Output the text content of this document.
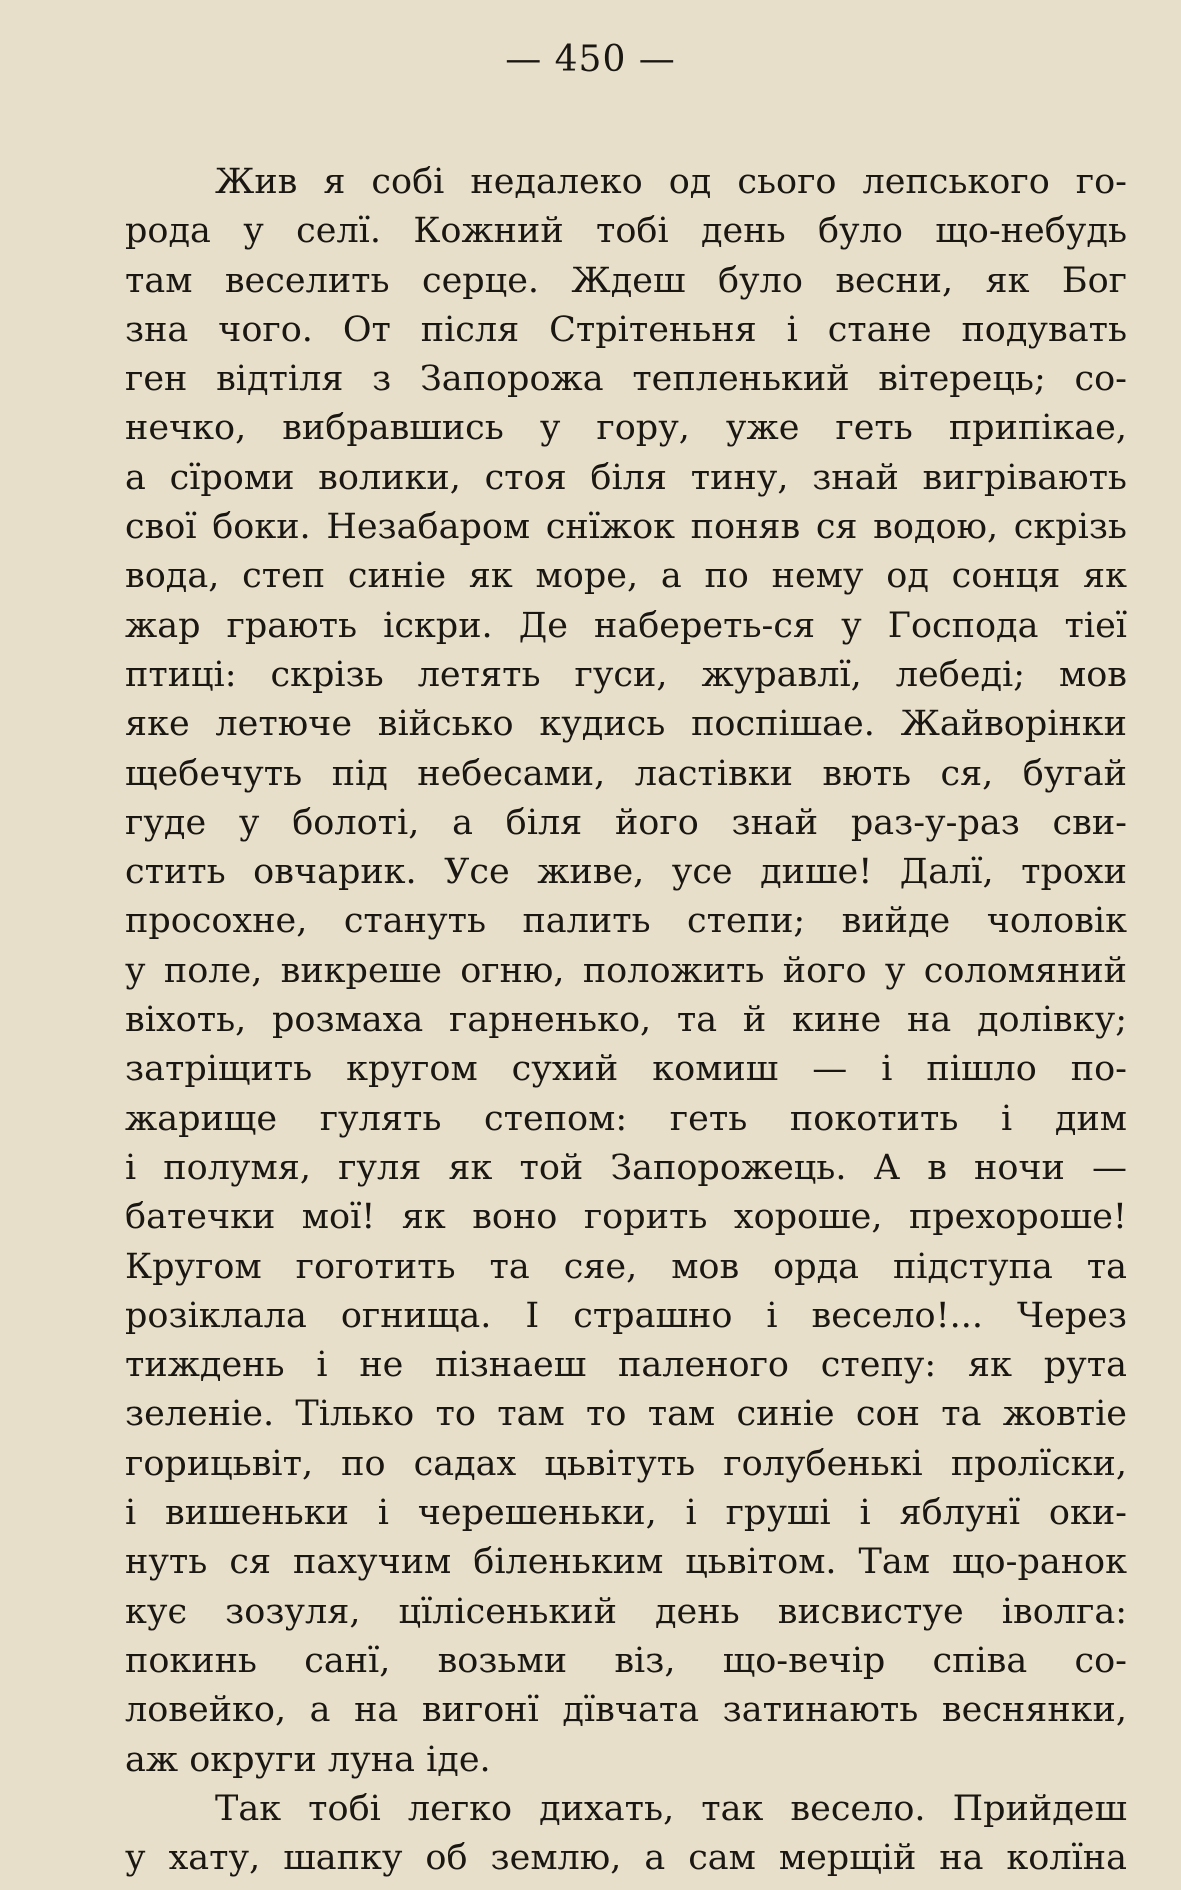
— 450 —
Жив я собі недалеко од сього лепського го-
рода у селї. Кожний тобі день було що-небудь
там веселить серце. Ждеш було весни, як Бог
зна чого. От після Стрітеньня і стане подувать
ген відтіля з Запорожа тепленький вітерець; со-
нечко, вибравшись у гору, уже геть припікае,
а сїроми волики, стоя біля тину, знай вигрівають
свої боки. Незабаром снїжок поняв ся водою, скрізь
вода, степ синіе як море, а по нему од сонця як
жар грають іскри. Де набереть-ся у Господа тіеї
птиці: скрізь летять гуси, журавлї, лебеді; мов
яке летюче військо кудись поспішае. Жайворінки
щебечуть під небесами, ластівки вють ся, бугай
гуде у болоті, а біля його знай раз-у-раз сви-
стить овчарик. Усе живе, усе дише! Далї, трохи
просохне, стануть палить степи; вийде чоловік
у поле, викреше огню, положить його у соломяний
віхоть, розмаха гарненько, та й кине на долівку;
затріщить кругом сухий комиш — і пішло по-
жарище гулять степом: геть покотить і дим
і полумя, гуля як той Запорожець. А в ночи —
батечки мої! як воно горить хороше, прехороше!
Кругом гоготить та сяе, мов орда підступа та
розіклала огнища. І страшно і весело!... Через
тиждень і не пізнаеш паленого степу: як рута
зеленіе. Тілько то там то там синіе сон та жовтіе
горицьвіт, по садах цьвітуть голубенькі пролїски,
і вишеньки і черешеньки, і груші і яблунї оки-
нуть ся пахучим біленьким цьвітом. Там що-ранок
кує зозуля, цїлісенький день висвистуе іволга:
покинь санї, возьми віз, що-вечір співа со-
ловейко, а на вигонї дївчата затинають веснянки,
аж округи луна іде.
Так тобі легко дихать, так весело. Прийдеш
у хату, шапку об землю, а сам мерщій на колїна
